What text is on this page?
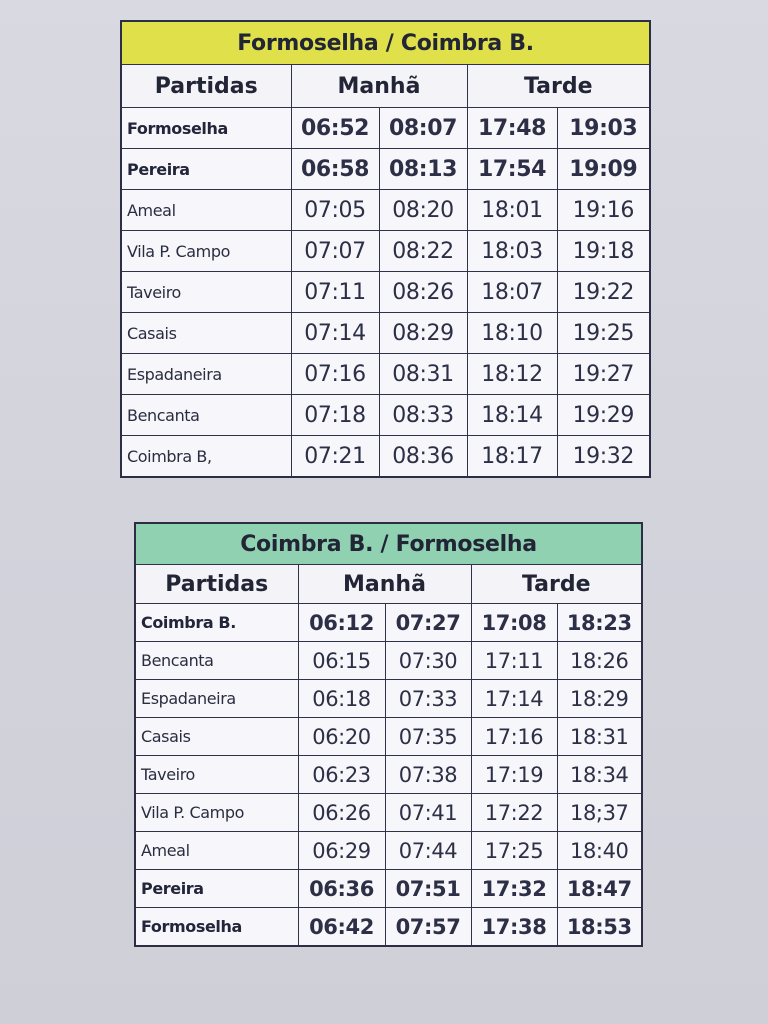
Formoselha / Coimbra B.				
Partidas	Manhã		Tarde	
Formoselha	06:52	08:07	17:48	19:03
Pereira	06:58	08:13	17:54	19:09
Ameal	07:05	08:20	18:01	19:16
Vila P. Campo	07:07	08:22	18:03	19:18
Taveiro	07:11	08:26	18:07	19:22
Casais	07:14	08:29	18:10	19:25
Espadaneira	07:16	08:31	18:12	19:27
Bencanta	07:18	08:33	18:14	19:29
Coimbra B,	07:21	08:36	18:17	19:32
Coimbra B. / Formoselha				
Partidas	Manhã		Tarde	
Coimbra B.	06:12	07:27	17:08	18:23
Bencanta	06:15	07:30	17:11	18:26
Espadaneira	06:18	07:33	17:14	18:29
Casais	06:20	07:35	17:16	18:31
Taveiro	06:23	07:38	17:19	18:34
Vila P. Campo	06:26	07:41	17:22	18;37
Ameal	06:29	07:44	17:25	18:40
Pereira	06:36	07:51	17:32	18:47
Formoselha	06:42	07:57	17:38	18:53
